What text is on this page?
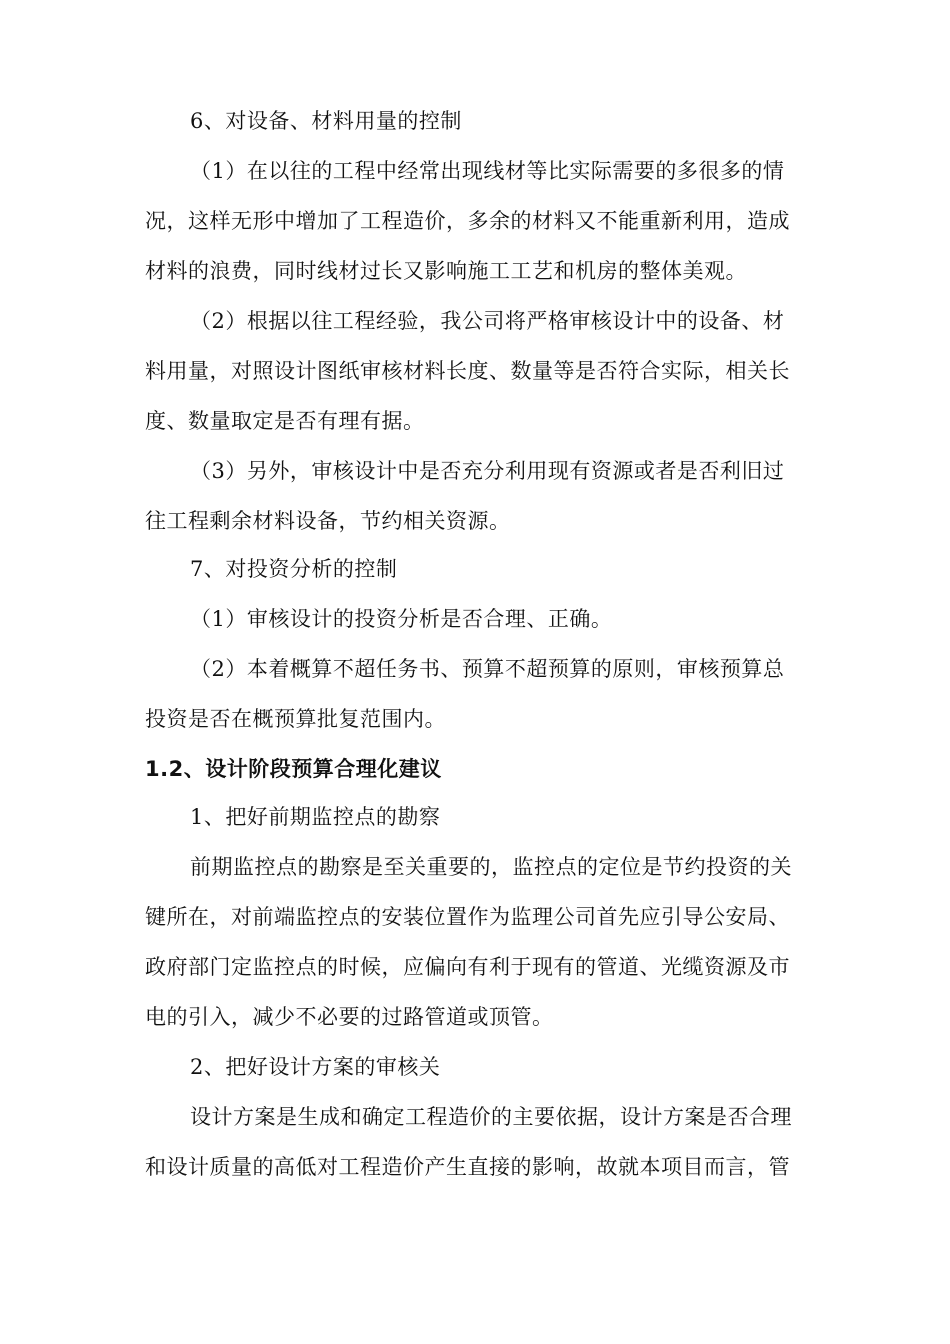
6、对设备、材料用量的控制

（1）在以往的工程中经常出现线材等比实际需要的多很多的情

况，这样无形中增加了工程造价，多余的材料又不能重新利用，造成

材料的浪费，同时线材过长又影响施工工艺和机房的整体美观。

（2）根据以往工程经验，我公司将严格审核设计中的设备、材

料用量，对照设计图纸审核材料长度、数量等是否符合实际，相关长

度、数量取定是否有理有据。

（3）另外，审核设计中是否充分利用现有资源或者是否利旧过

往工程剩余材料设备，节约相关资源。

7、对投资分析的控制

（1）审核设计的投资分析是否合理、正确。

（2）本着概算不超任务书、预算不超预算的原则，审核预算总

投资是否在概预算批复范围内。

1.2、设计阶段预算合理化建议

1、把好前期监控点的勘察

前期监控点的勘察是至关重要的，监控点的定位是节约投资的关

键所在，对前端监控点的安装位置作为监理公司首先应引导公安局、

政府部门定监控点的时候，应偏向有利于现有的管道、光缆资源及市

电的引入，减少不必要的过路管道或顶管。

2、把好设计方案的审核关

设计方案是生成和确定工程造价的主要依据，设计方案是否合理

和设计质量的高低对工程造价产生直接的影响，故就本项目而言，管
